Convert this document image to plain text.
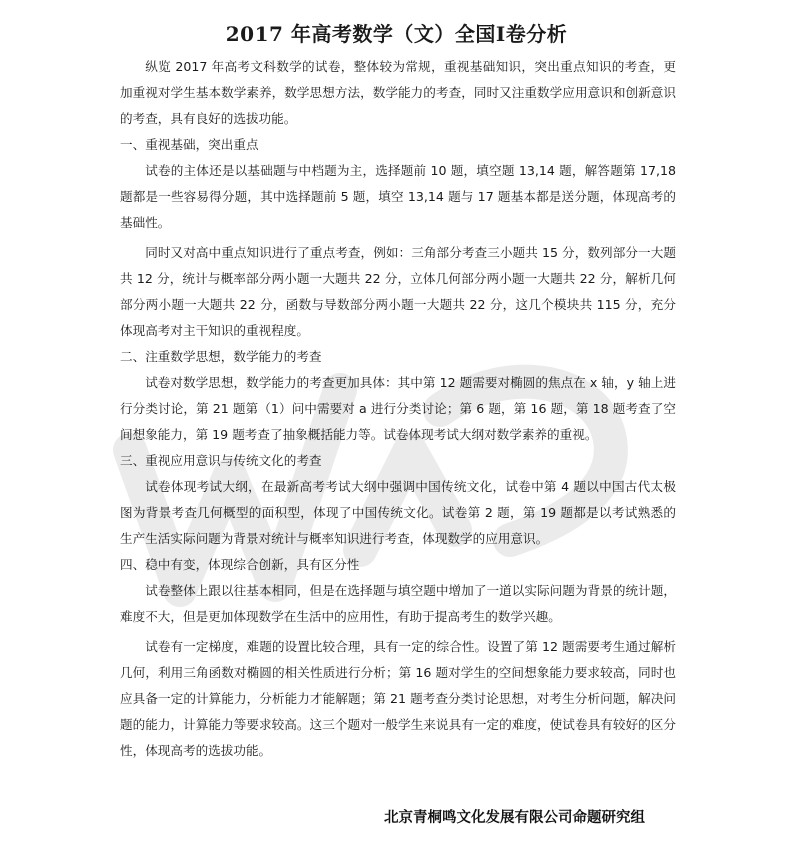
2017 年高考数学（文）全国Ⅰ卷分析

纵览 2017 年高考文科数学的试卷，整体较为常规，重视基础知识，突出重点知识的考查，更加重视对学生基本数学素养，数学思想方法，数学能力的考查，同时又注重数学应用意识和创新意识的考查，具有良好的选拔功能。

一、重视基础，突出重点

试卷的主体还是以基础题与中档题为主，选择题前 10 题，填空题 13,14 题，解答题第 17,18 题都是一些容易得分题，其中选择题前 5 题，填空 13,14 题与 17 题基本都是送分题，体现高考的基础性。

同时又对高中重点知识进行了重点考查，例如：三角部分考查三小题共 15 分，数列部分一大题共 12 分，统计与概率部分两小题一大题共 22 分，立体几何部分两小题一大题共 22 分，解析几何部分两小题一大题共 22 分，函数与导数部分两小题一大题共 22 分，这几个模块共 115 分，充分体现高考对主干知识的重视程度。

二、注重数学思想，数学能力的考查

试卷对数学思想，数学能力的考查更加具体：其中第 12 题需要对椭圆的焦点在 x 轴，y 轴上进行分类讨论，第 21 题第（1）问中需要对 a 进行分类讨论；第 6 题，第 16 题，第 18 题考查了空间想象能力，第 19 题考查了抽象概括能力等。试卷体现考试大纲对数学素养的重视。

三、重视应用意识与传统文化的考查

试卷体现考试大纲，在最新高考考试大纲中强调中国传统文化，试卷中第 4 题以中国古代太极图为背景考查几何概型的面积型，体现了中国传统文化。试卷第 2 题，第 19 题都是以考试熟悉的生产生活实际问题为背景对统计与概率知识进行考查，体现数学的应用意识。

四、稳中有变，体现综合创新，具有区分性

试卷整体上跟以往基本相同，但是在选择题与填空题中增加了一道以实际问题为背景的统计题，难度不大，但是更加体现数学在生活中的应用性，有助于提高考生的数学兴趣。

试卷有一定梯度，难题的设置比较合理，具有一定的综合性。设置了第 12 题需要考生通过解析几何，利用三角函数对椭圆的相关性质进行分析；第 16 题对学生的空间想象能力要求较高，同时也应具备一定的计算能力，分析能力才能解题；第 21 题考查分类讨论思想，对考生分析问题，解决问题的能力，计算能力等要求较高。这三个题对一般学生来说具有一定的难度，使试卷具有较好的区分性，体现高考的选拔功能。

北京青桐鸣文化发展有限公司命题研究组
